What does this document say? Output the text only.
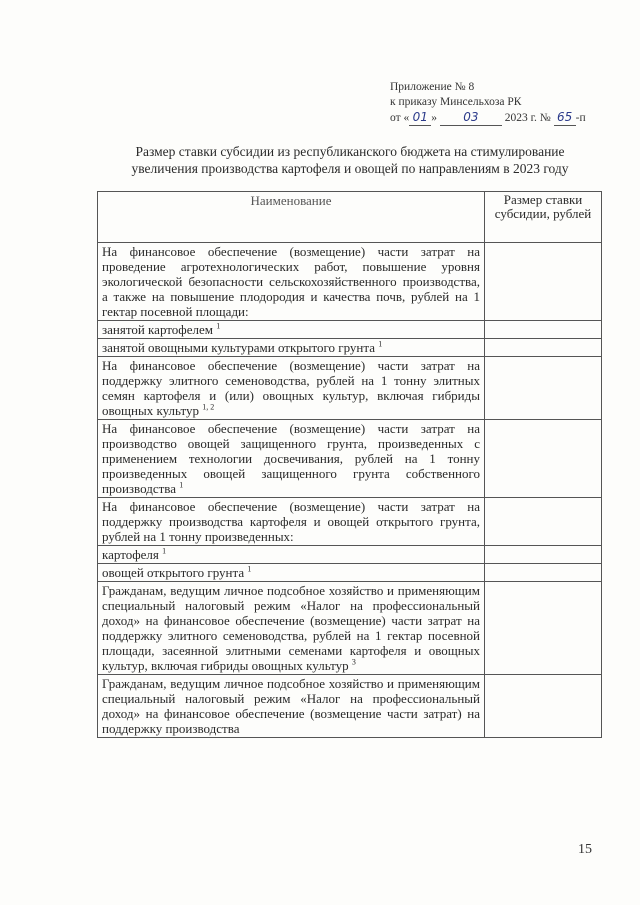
Приложение № 8
к приказу Минсельхоза РК
от « 01 » 03 2023 г. № 65 -п
Размер ставки субсидии из республиканского бюджета на стимулирование
увеличения производства картофеля и овощей по направлениям в 2023 году
Наименование	Размер ставки субсидии, рублей
На финансовое обеспечение (возмещение) части затрат на проведение агротехнологических работ, повышение уровня экологической безопасности сельскохозяйственного производства, а также на повышение плодородия и качества почв, рублей на 1 гектар посевной площади:	
занятой картофелем $^1$	
занятой овощными культурами открытого грунта $^1$	
На финансовое обеспечение (возмещение) части затрат на поддержку элитного семеноводства, рублей на 1 тонну элитных семян картофеля и (или) овощных культур, включая гибриды овощных культур $^{1, 2}$	
На финансовое обеспечение (возмещение) части затрат на производство овощей защищенного грунта, произведенных с применением технологии досвечивания, рублей на 1 тонну произведенных овощей защищенного грунта собственного производства $^1$	
На финансовое обеспечение (возмещение) части затрат на поддержку производства картофеля и овощей открытого грунта, рублей на 1 тонну произведенных:	
картофеля $^1$	
овощей открытого грунта $^1$	
Гражданам, ведущим личное подсобное хозяйство и применяющим специальный налоговый режим «Налог на профессиональный доход» на финансовое обеспечение (возмещение) части затрат на поддержку элитного семеноводства, рублей на 1 гектар посевной площади, засеянной элитными семенами картофеля и овощных культур, включая гибриды овощных культур $^3$	
Гражданам, ведущим личное подсобное хозяйство и применяющим специальный налоговый режим «Налог на профессиональный доход» на финансовое обеспечение (возмещение части затрат) на поддержку производства	
15
